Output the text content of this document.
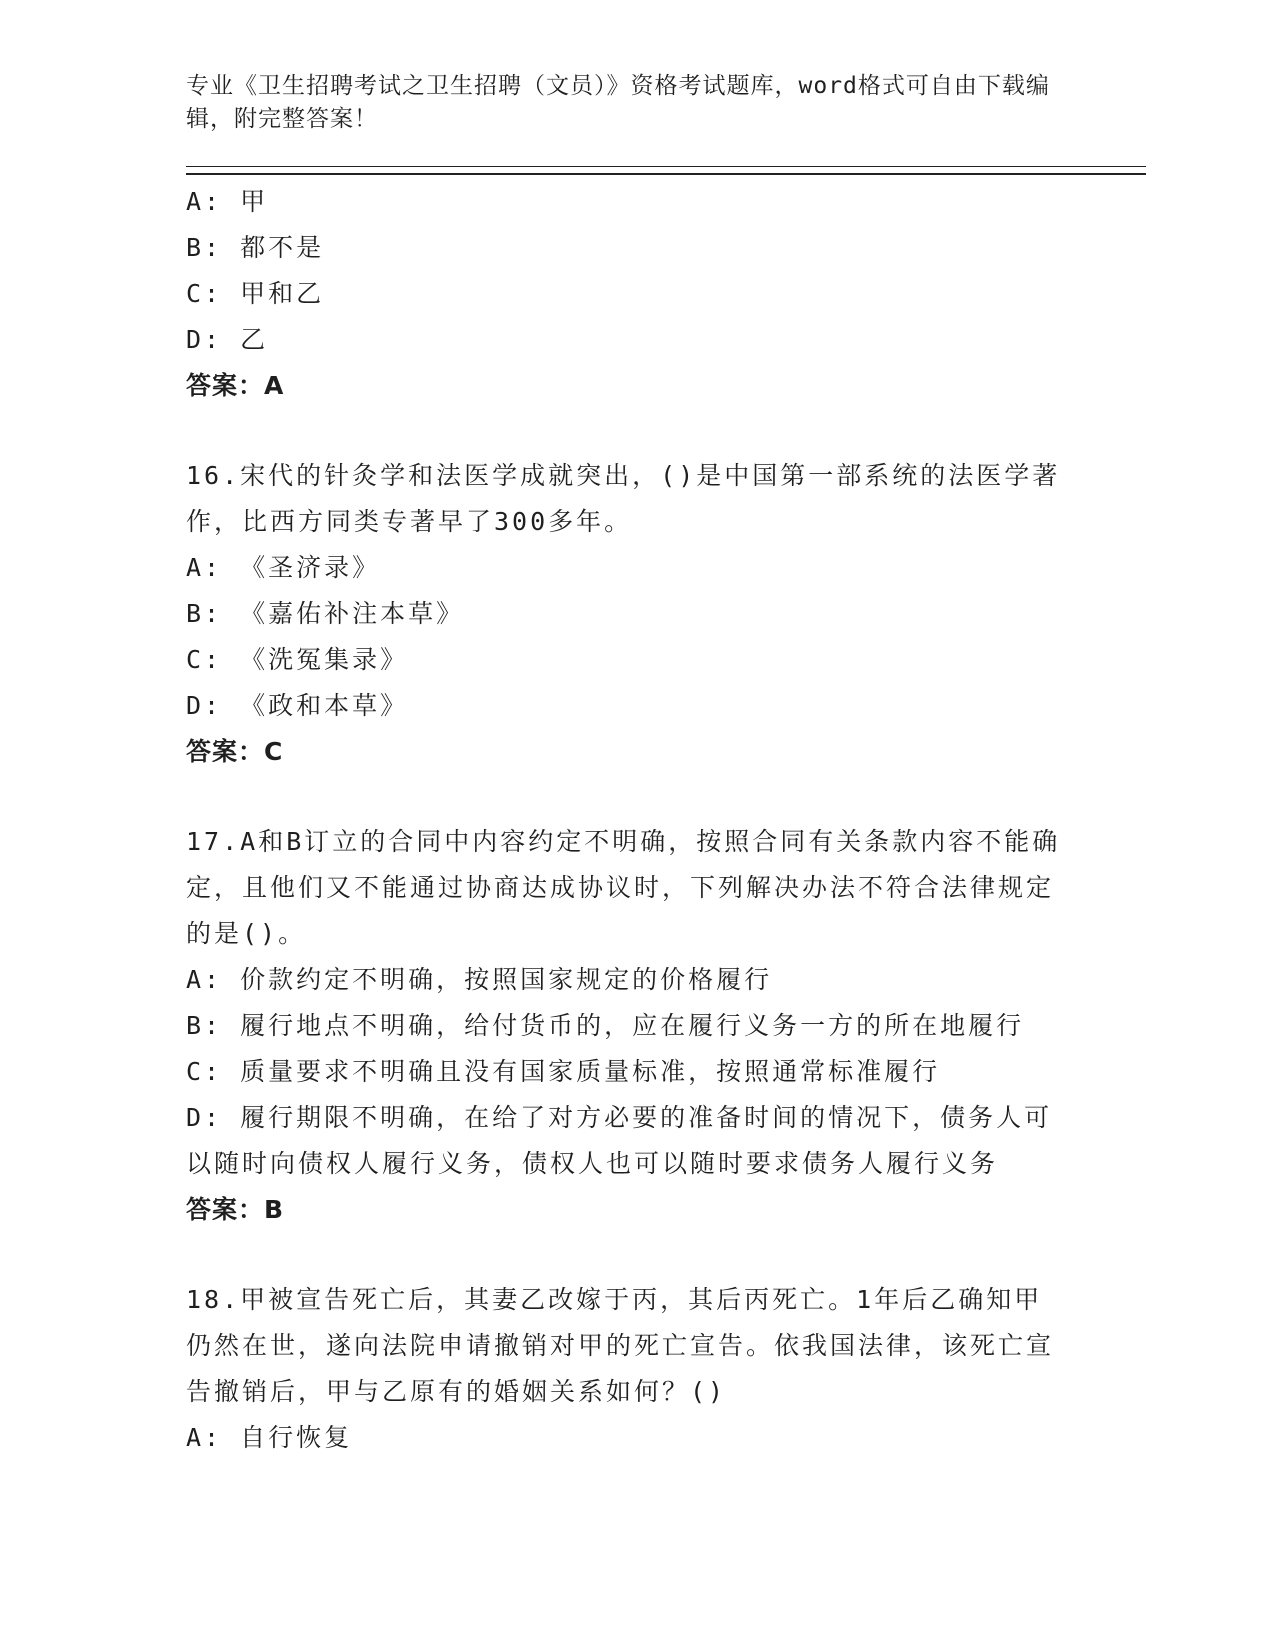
专业《卫生招聘考试之卫生招聘（文员）》资格考试题库，word格式可自由下载编辑，附完整答案！
A: 甲
B: 都不是
C: 甲和乙
D: 乙
答案：A
16.宋代的针灸学和法医学成就突出，()是中国第一部系统的法医学著作，比西方同类专著早了300多年。
A: 《圣济录》
B: 《嘉佑补注本草》
C: 《洗冤集录》
D: 《政和本草》
答案：C
17.A和B订立的合同中内容约定不明确，按照合同有关条款内容不能确定，且他们又不能通过协商达成协议时，下列解决办法不符合法律规定的是()。
A: 价款约定不明确，按照国家规定的价格履行
B: 履行地点不明确，给付货币的，应在履行义务一方的所在地履行
C: 质量要求不明确且没有国家质量标准，按照通常标准履行
D: 履行期限不明确，在给了对方必要的准备时间的情况下，债务人可以随时向债权人履行义务，债权人也可以随时要求债务人履行义务
答案：B
18.甲被宣告死亡后，其妻乙改嫁于丙，其后丙死亡。1年后乙确知甲仍然在世，遂向法院申请撤销对甲的死亡宣告。依我国法律，该死亡宣告撤销后，甲与乙原有的婚姻关系如何？()
A: 自行恢复
